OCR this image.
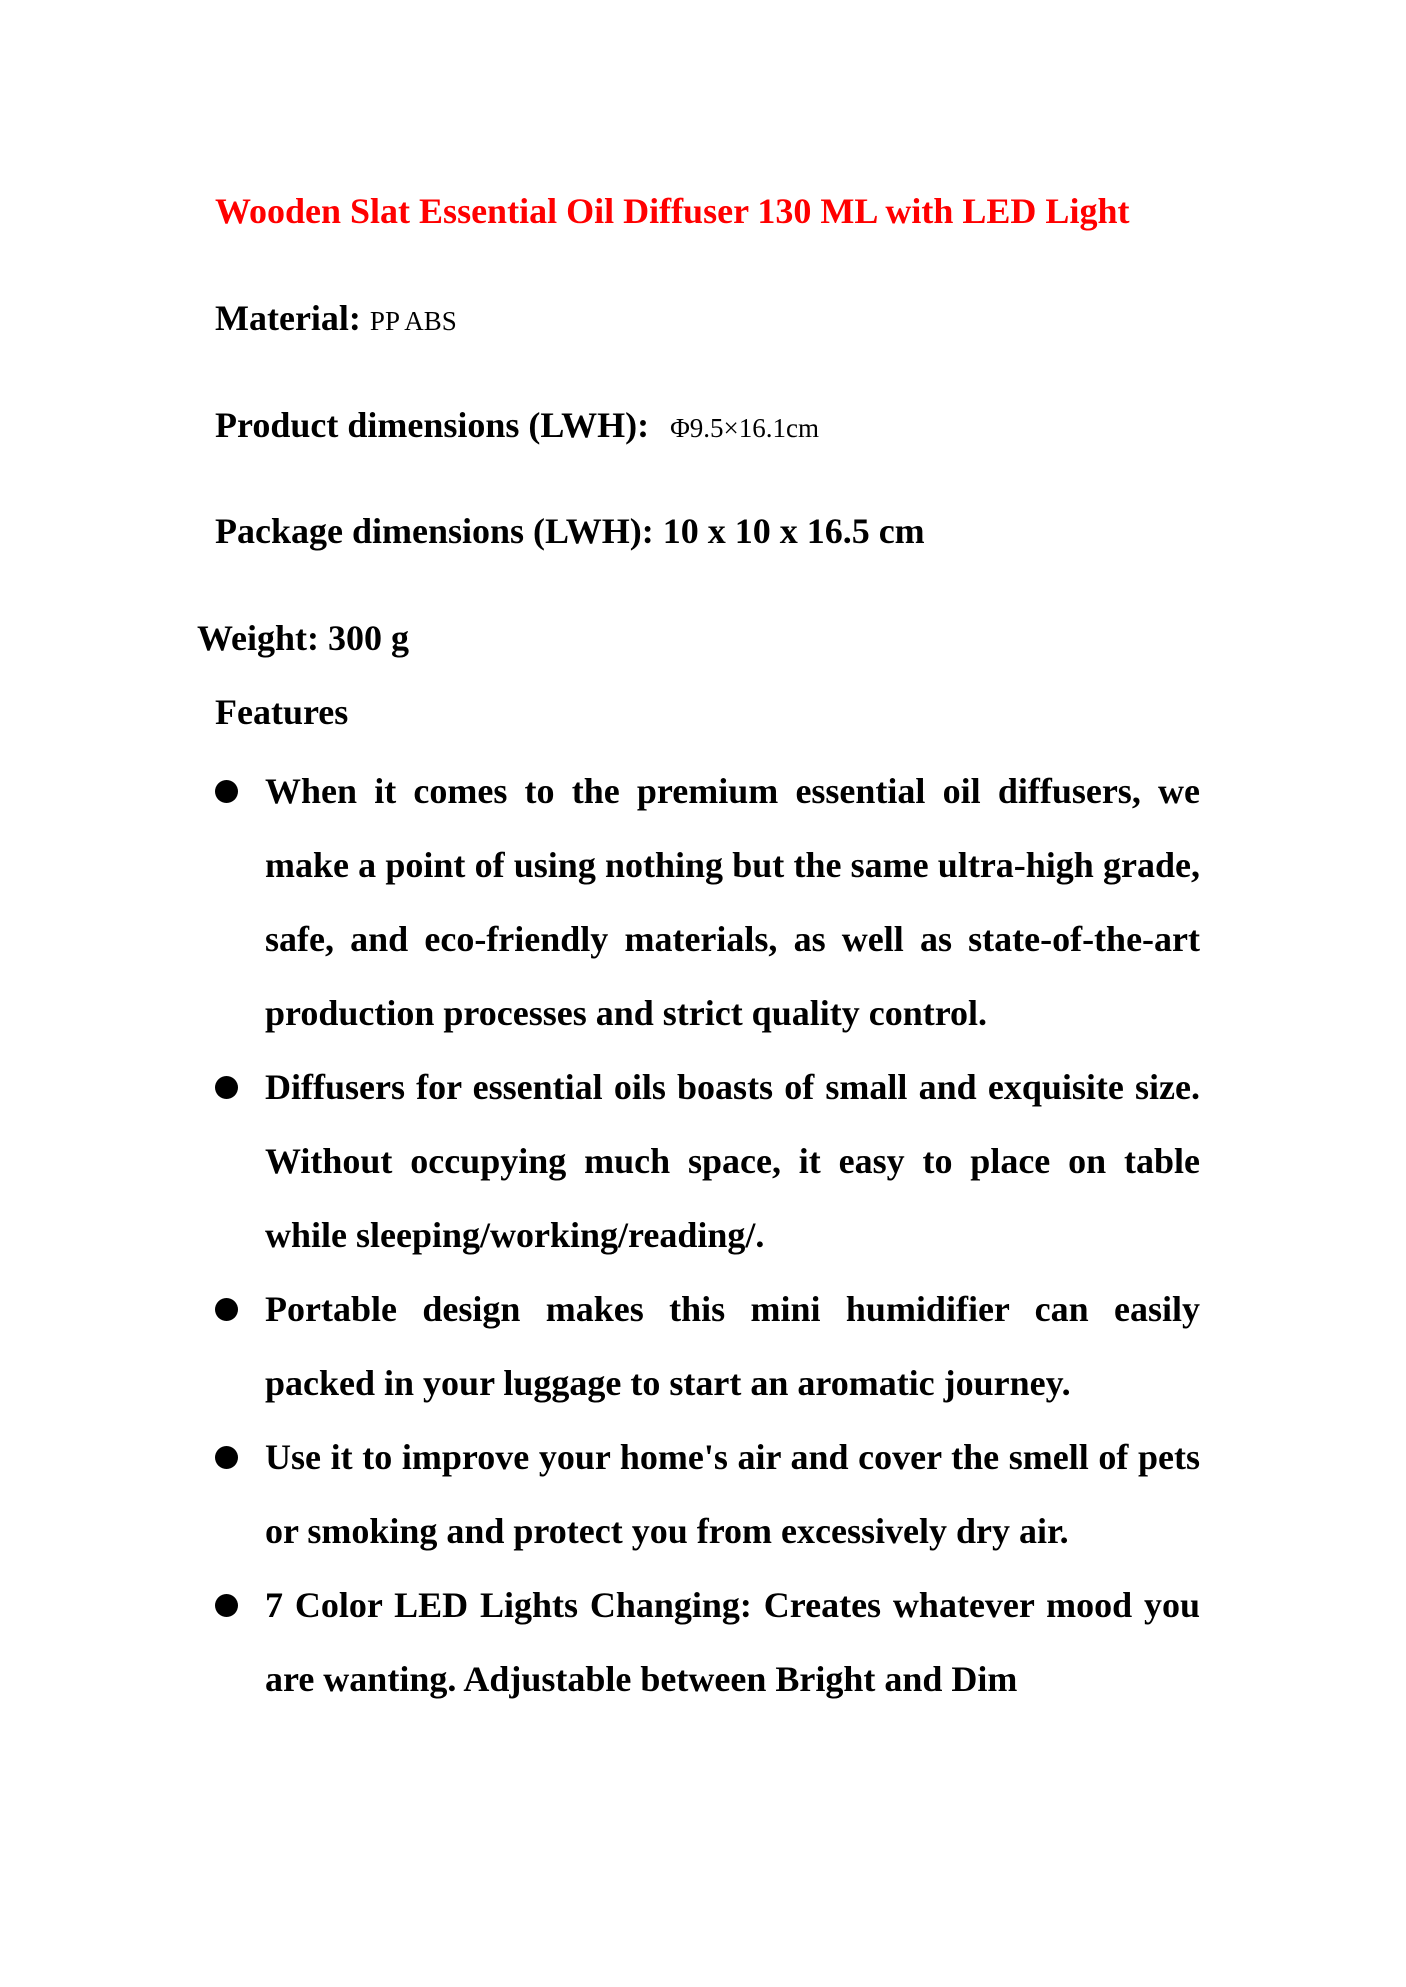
Wooden Slat Essential Oil Diffuser 130 ML with LED Light
Material: PP ABS
Product dimensions (LWH): Φ9.5×16.1cm
Package dimensions (LWH): 10 x 10 x 16.5 cm
Weight: 300 g
Features
When it comes to the premium essential oil diffusers, we make a point of using nothing but the same ultra-high grade, safe, and eco-friendly materials, as well as state-of-the-art production processes and strict quality control.
Diffusers for essential oils boasts of small and exquisite size. Without occupying much space, it easy to place on table while sleeping/working/reading/.
Portable design makes this mini humidifier can easily packed in your luggage to start an aromatic journey.
Use it to improve your home's air and cover the smell of pets or smoking and protect you from excessively dry air.
7 Color LED Lights Changing: Creates whatever mood you are wanting. Adjustable between Bright and Dim
